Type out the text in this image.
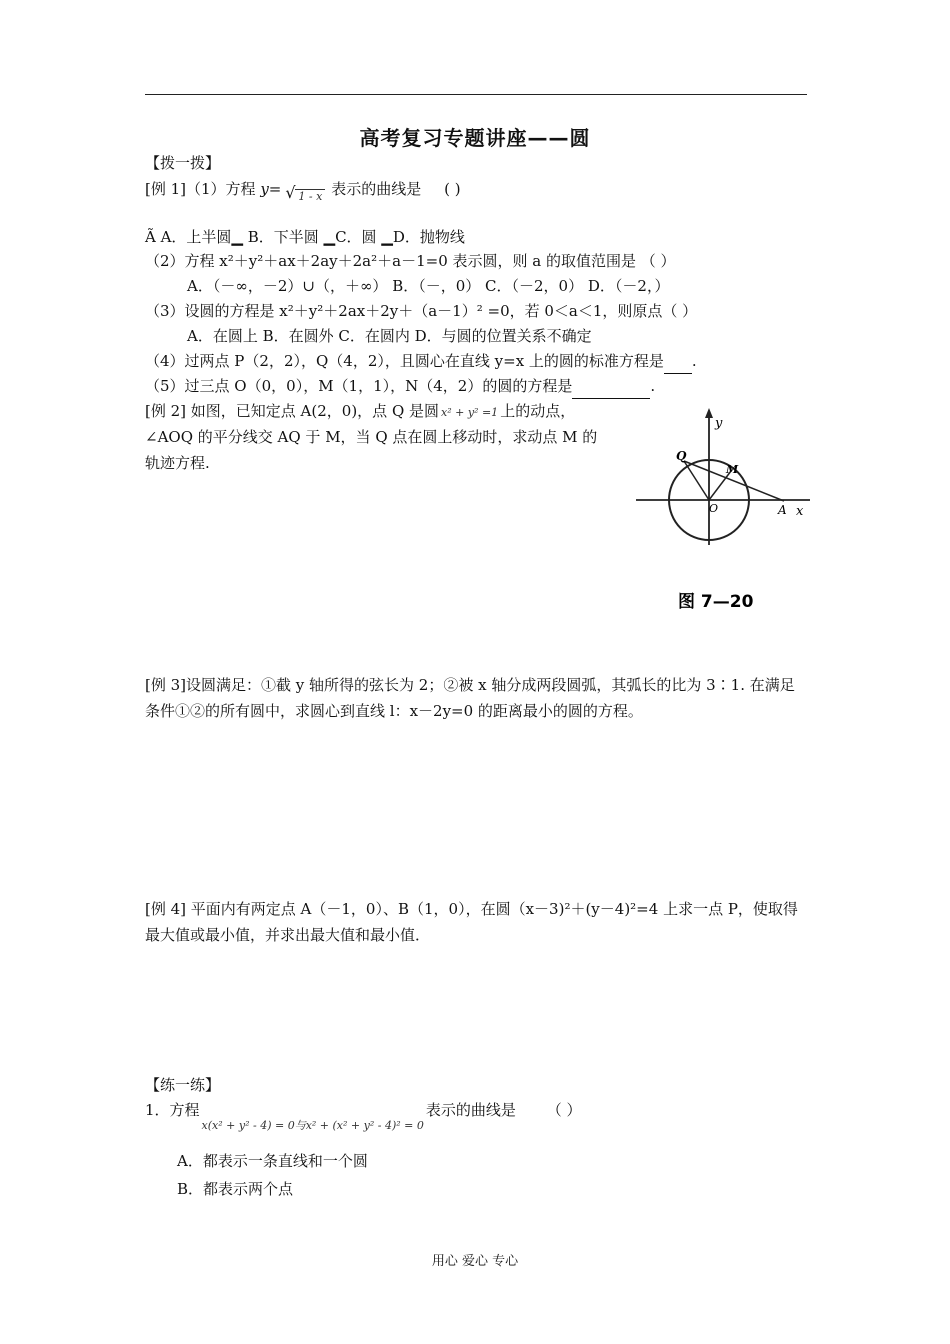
高考复习专题讲座——圆
【拨一拨】
[例 1]（1）方程 y= √ 1 - x 表示的曲线是 ( )
Ã A．上半圆▁ B．下半圆 ▁C．圆 ▁D．抛物线
（2）方程 x²＋y²＋ax＋2ay＋2a²＋a－1=0 表示圆，则 a 的取值范围是 （ ）
A．（－∞，－2）∪（，＋∞） B．（－，0） C．（－2，0） D．（－2，）
（3）设圆的方程是 x²＋y²＋2ax＋2y＋（a－1）² =0，若 0＜a＜1，则原点（ ）
A．在圆上 B．在圆外 C．在圆内 D．与圆的位置关系不确定
（4）过两点 P（2，2），Q（4，2），且圆心在直线 y=x 上的圆的标准方程是 .
（5）过三点 O（0，0），M（1，1），N（4，2）的圆的方程是	.
[例 2] 如图，已知定点 A(2，0)，点 Q 是圆 x² + y² =1 上的动点，
∠AOQ 的平分线交 AQ 于 M，当 Q 点在圆上移动时，求动点 M 的
轨迹方程.
y
Q
M
O	A x
图 7—20
[例 3]设圆满足：①截 y 轴所得的弦长为 2；②被 x 轴分成两段圆弧，其弧长的比为 3∶1. 在满足条件①②的所有圆中，求圆心到直线 l：x－2y=0 的距离最小的圆的方程。
[例 4] 平面内有两定点 A（－1，0）、B（1，0），在圆（x－3)²＋(y－4)²=4 上求一点 P，使取得最大值或最小值，并求出最大值和最小值．
【练一练】
1．方程x(x² + y² - 4) = 0与x² + (x² + y² - 4)² = 0表示的曲线是 （ ）
A．都表示一条直线和一个圆
B．都表示两个点
用心 爱心 专心
